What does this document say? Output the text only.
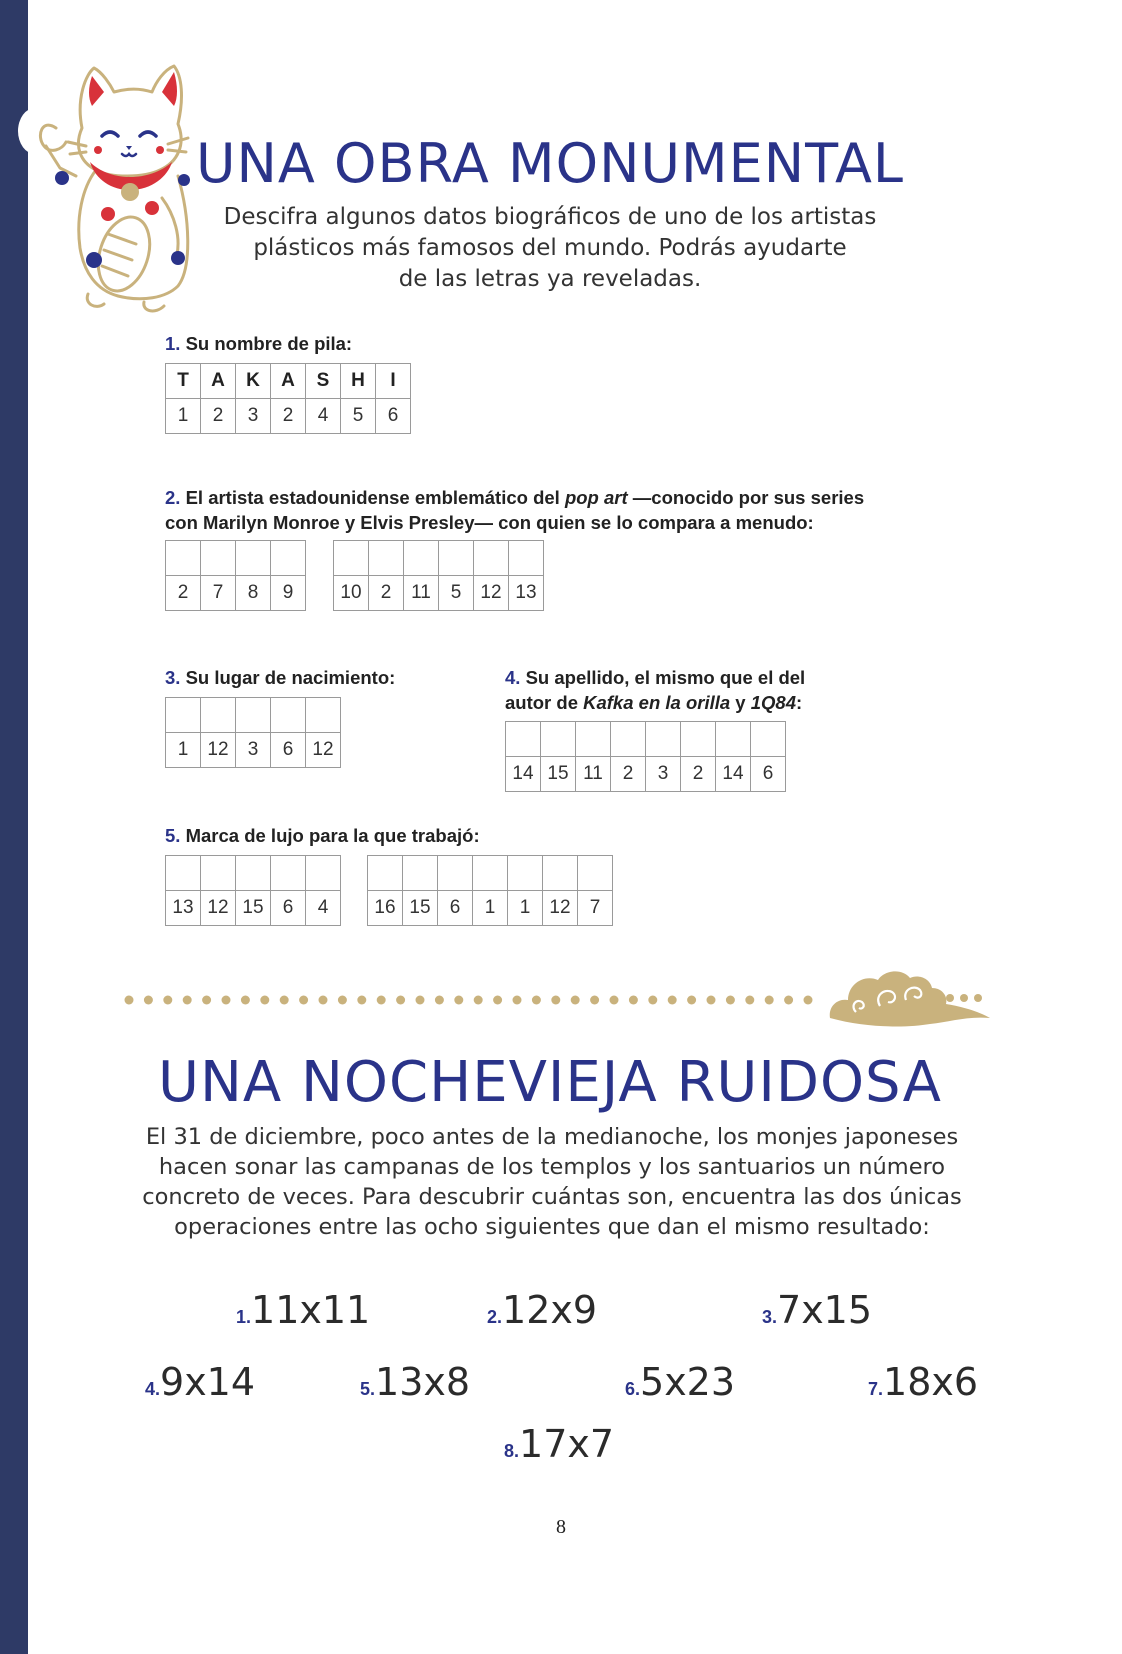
UNA OBRA MONUMENTAL
Descifra algunos datos biográficos de uno de los artistas
plásticos más famosos del mundo. Podrás ayudarte
de las letras ya reveladas.

1. Su nombre de pila:

T	A	K	A	S	H	I
1	2	3	2	4	5	6

2. El artista estadounidense emblemático del pop art —conocido por sus series
con Marilyn Monroe y Elvis Presley— con quien se lo compara a menudo:

2	7	8	9
					10	2	11	5	12	13

3. Su lugar de nacimiento:

1	12	3	6	12

4. Su apellido, el mismo que el del
autor de Kafka en la orilla y 1Q84:

14	15	11	2	3	2	14	6

5. Marca de lujo para la que trabajó:

13	12	15	6	4
						16	15	6	1	1	12	7
UNA NOCHEVIEJA RUIDOSA
El 31 de diciembre, poco antes de la medianoche, los monjes japoneses
hacen sonar las campanas de los templos y los santuarios un número
concreto de veces. Para descubrir cuántas son, encuentra las dos únicas
operaciones entre las ocho siguientes que dan el mismo resultado:
1.11x11	2.12x9	3.7x15
4.9x14	5.13x8	6.5x23	7.18x6
8.17x7
8
